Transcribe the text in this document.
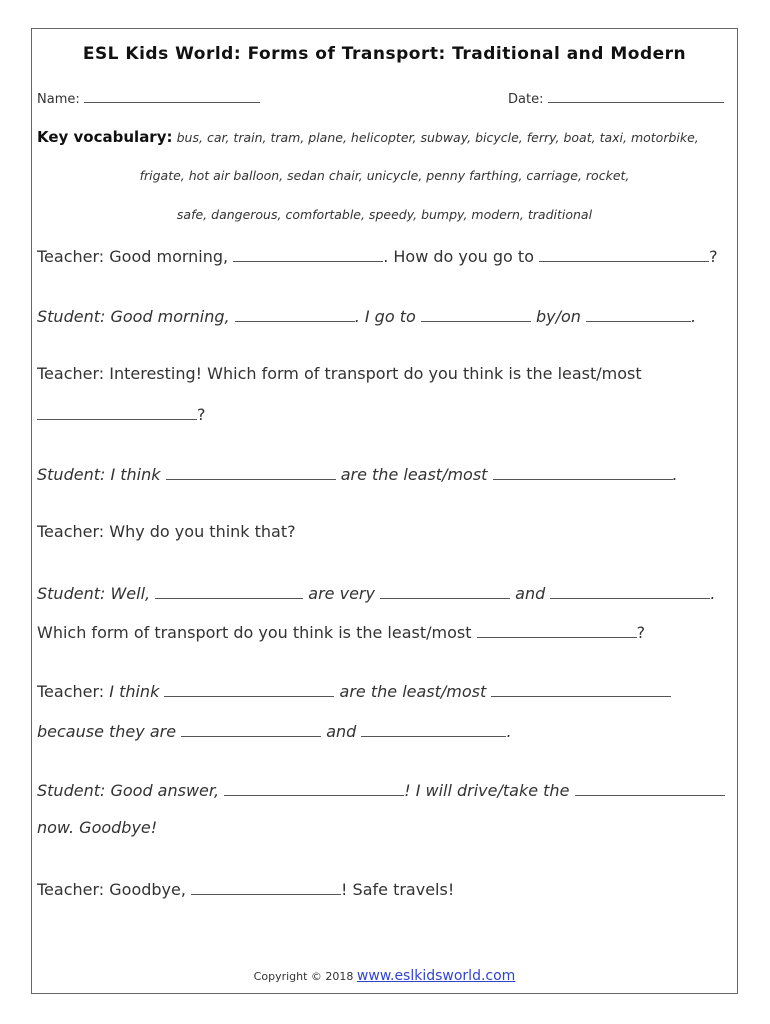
ESL Kids World: Forms of Transport: Traditional and Modern
Name:	Date:
Key vocabulary: bus, car, train, tram, plane, helicopter, subway, bicycle, ferry, boat, taxi, motorbike,
frigate, hot air balloon, sedan chair, unicycle, penny farthing, carriage, rocket,
safe, dangerous, comfortable, speedy, bumpy, modern, traditional
Teacher: Good morning,	. How do you go to	?
Student: Good morning,	. I go to	by/on	.
Teacher: Interesting! Which form of transport do you think is the least/most
?
Student: I think	are the least/most	.
Teacher: Why do you think that?
Student: Well,	are very	and	.
Which form of transport do you think is the least/most	?
Teacher: I think	are the least/most
because they are	and	.
Student: Good answer,	! I will drive/take the
now. Goodbye!
Teacher: Goodbye,	! Safe travels!
Copyright © 2018 www.eslkidsworld.com
